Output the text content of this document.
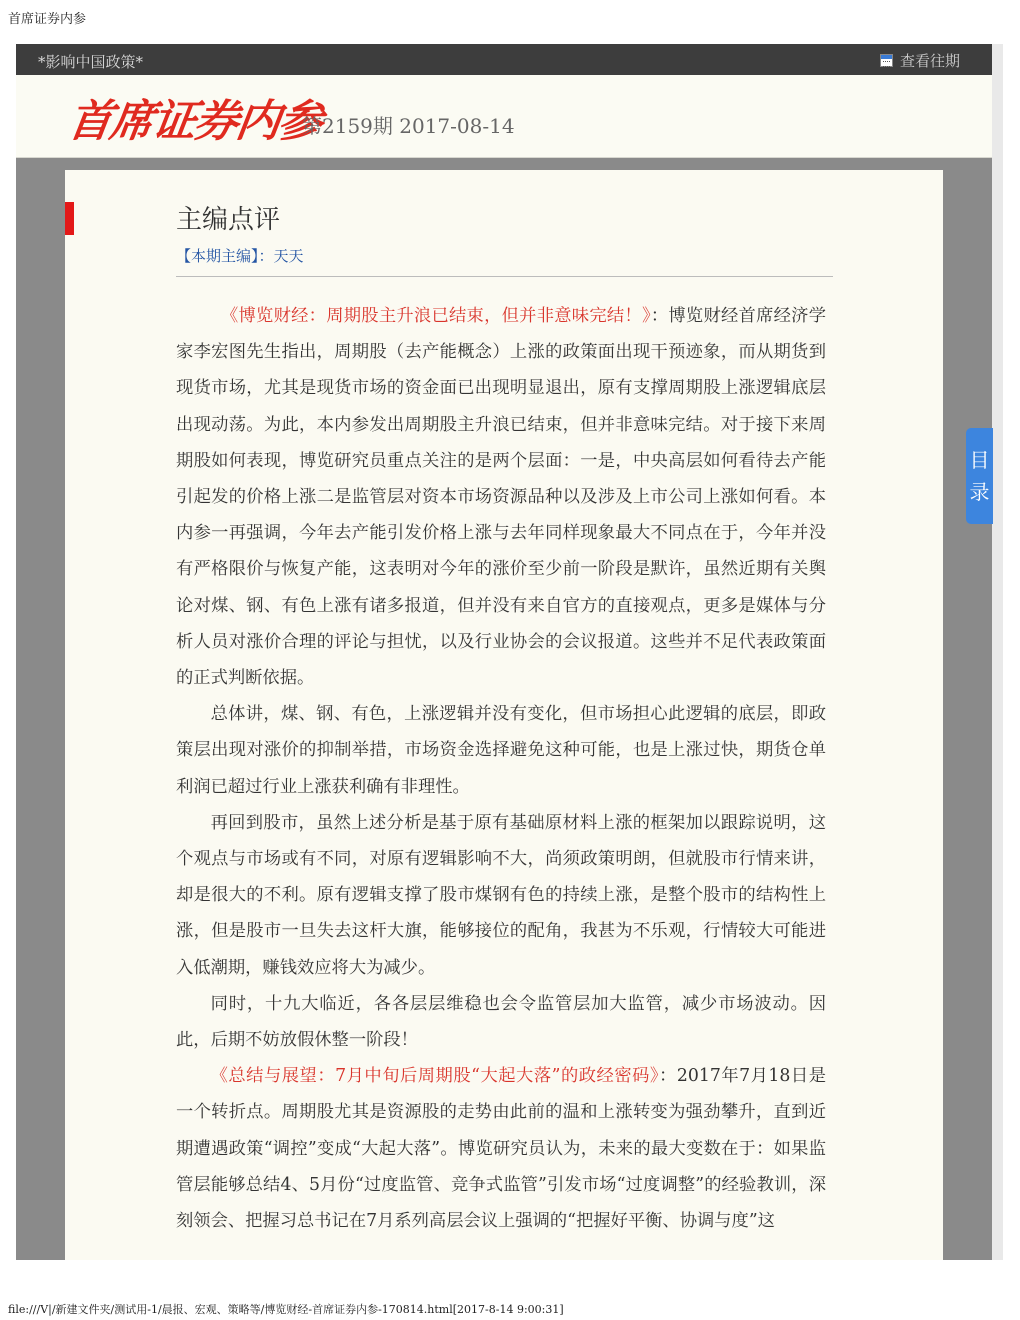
首席证券内参
*影响中国政策*	查看往期
首席证券内参
第2159期 2017-08-14
主编点评
【本期主编】：天天

《博览财经：周期股主升浪已结束，但并非意味完结！》：博览财经首席经济学家李宏图先生指出，周期股（去产能概念）上涨的政策面出现干预迹象，而从期货到现货市场，尤其是现货市场的资金面已出现明显退出，原有支撑周期股上涨逻辑底层出现动荡。为此，本内参发出周期股主升浪已结束，但并非意味完结。对于接下来周期股如何表现，博览研究员重点关注的是两个层面：一是，中央高层如何看待去产能引起发的价格上涨二是监管层对资本市场资源品种以及涉及上市公司上涨如何看。本内参一再强调，今年去产能引发价格上涨与去年同样现象最大不同点在于，今年并没有严格限价与恢复产能，这表明对今年的涨价至少前一阶段是默许，虽然近期有关舆论对煤、钢、有色上涨有诸多报道，但并没有来自官方的直接观点，更多是媒体与分析人员对涨价合理的评论与担忧，以及行业协会的会议报道。这些并不足代表政策面的正式判断依据。

总体讲，煤、钢、有色，上涨逻辑并没有变化，但市场担心此逻辑的底层，即政策层出现对涨价的抑制举措，市场资金选择避免这种可能，也是上涨过快，期货仓单利润已超过行业上涨获利确有非理性。

再回到股市，虽然上述分析是基于原有基础原材料上涨的框架加以跟踪说明，这个观点与市场或有不同，对原有逻辑影响不大，尚须政策明朗，但就股市行情来讲，却是很大的不利。原有逻辑支撑了股市煤钢有色的持续上涨，是整个股市的结构性上涨，但是股市一旦失去这杆大旗，能够接位的配角，我甚为不乐观，行情较大可能进入低潮期，赚钱效应将大为减少。

同时，十九大临近，各各层层维稳也会令监管层加大监管，减少市场波动。因此，后期不妨放假休整一阶段！

《总结与展望：7月中旬后周期股“大起大落”的政经密码》：2017年7月18日是一个转折点。周期股尤其是资源股的走势由此前的温和上涨转变为强劲攀升，直到近期遭遇政策“调控”变成“大起大落”。博览研究员认为，未来的最大变数在于：如果监管层能够总结4、5月份“过度监管、竞争式监管”引发市场“过度调整”的经验教训，深刻领会、把握习总书记在7月系列高层会议上强调的“把握好平衡、协调与度”这

目
录
file:///V|/新建文件夹/测试用-1/晨报、宏观、策略等/博览财经-首席证券内参-170814.html[2017-8-14 9:00:31]
